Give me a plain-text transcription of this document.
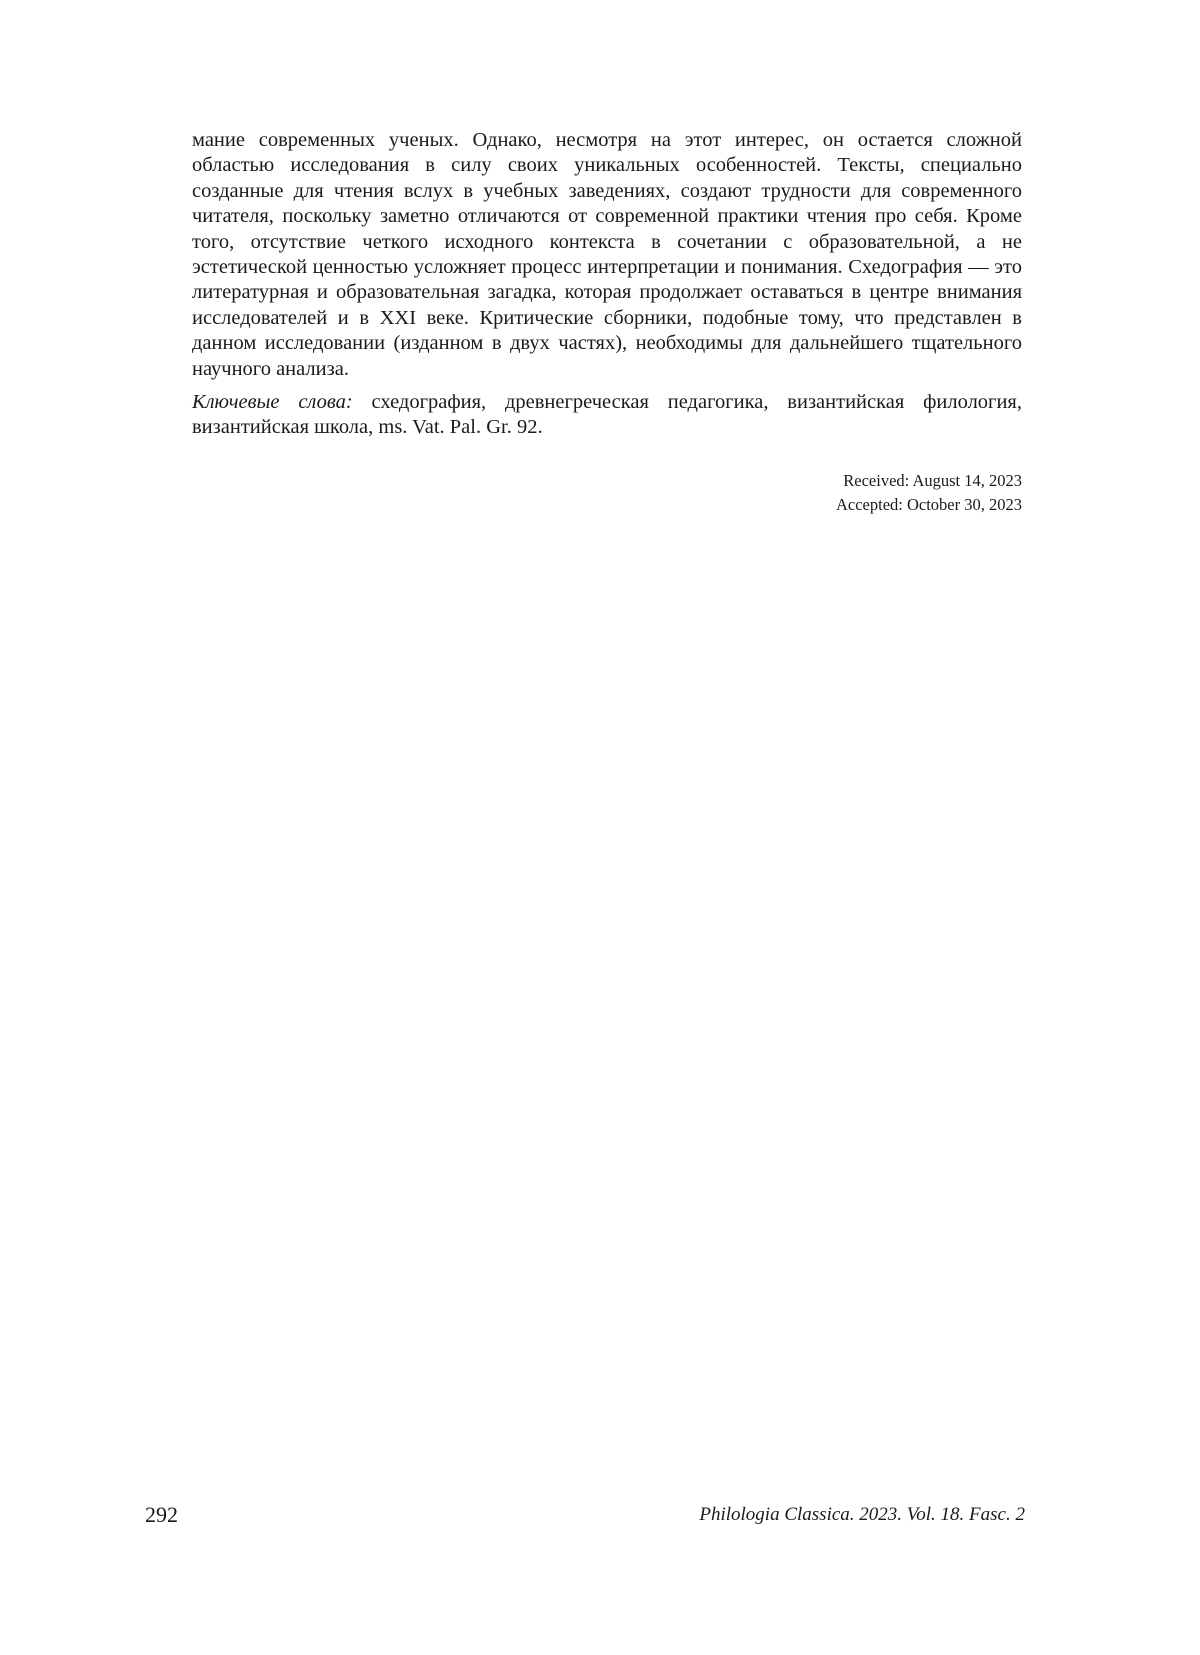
мание современных ученых. Однако, несмотря на этот интерес, он остается сложной областью исследования в силу своих уникальных особенностей. Тексты, специально созданные для чтения вслух в учебных заведениях, создают трудности для современного читателя, поскольку заметно отличаются от современной практики чтения про себя. Кроме того, отсутствие четкого исходного контекста в сочетании с образовательной, а не эстетической ценностью усложняет процесс интерпретации и понимания. Схедография — это литературная и образовательная загадка, которая продолжает оставаться в центре внимания исследователей и в XXI веке. Критические сборники, подобные тому, что представлен в данном исследовании (изданном в двух частях), необходимы для дальнейшего тщательного научного анализа.

Ключевые слова: схедография, древнегреческая педагогика, византийская филология, византийская школа, ms. Vat. Pal. Gr. 92.

Received: August 14, 2023
Accepted: October 30, 2023
292	Philologia Classica. 2023. Vol. 18. Fasc. 2
